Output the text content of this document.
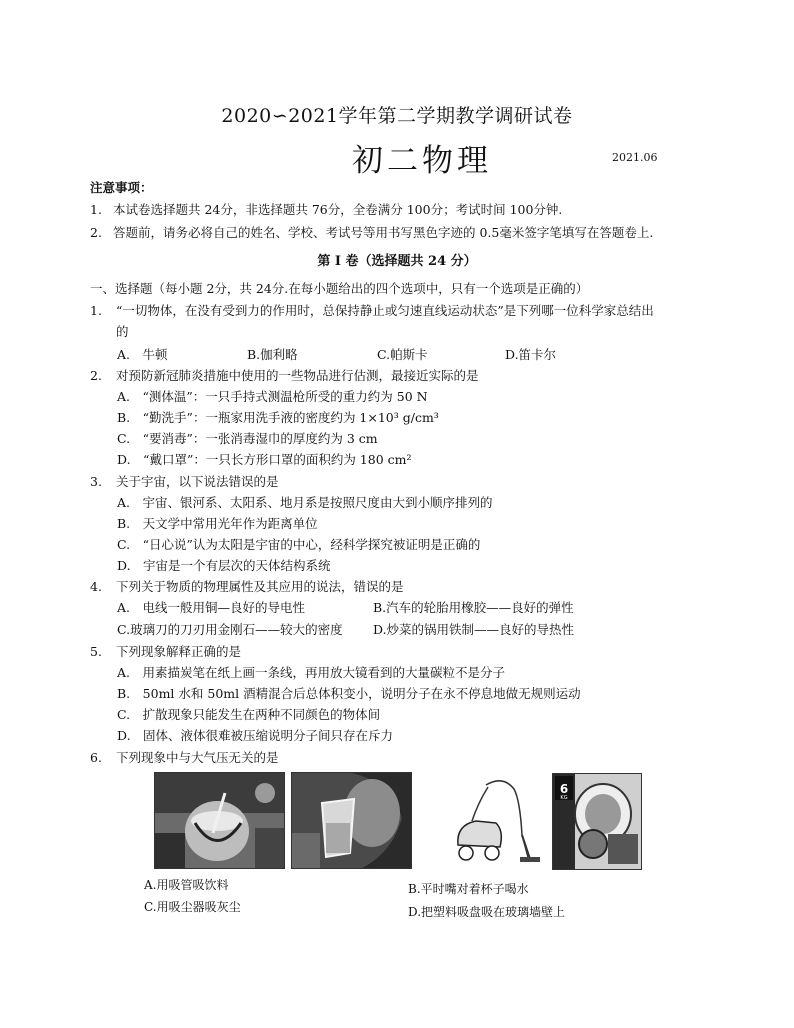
2020∽2021学年第二学期教学调研试卷
初二物理	2021.06
注意事项：
1. 本试卷选择题共 24分，非选择题共 76分，全卷满分 100分；考试时间 100分钟.
2. 答题前，请务必将自己的姓名、学校、考试号等用书写黑色字迹的 0.5毫米签字笔填写在答题卷上.
第 I 卷（选择题共 24 分）
一、选择题（每小题 2分，共 24分.在每小题给出的四个选项中，只有一个选项是正确的）
1. “一切物体，在没有受到力的作用时，总保持静止或匀速直线运动状态”是下列哪一位科学家总结出
的
A.　牛顿	B.伽利略	C.帕斯卡	D.笛卡尔
2. 对预防新冠肺炎措施中使用的一些物品进行估测，最接近实际的是
A.　“测体温”：一只手持式测温枪所受的重力约为 50 N
B.　“勤洗手”：一瓶家用洗手液的密度约为 1×10³ g/cm³
C.　“要消毒”：一张消毒湿巾的厚度约为 3 cm
D.　“戴口罩”：一只长方形口罩的面积约为 180 cm²
3. 关于宇宙，以下说法错误的是
A.　宇宙、银河系、太阳系、地月系是按照尺度由大到小顺序排列的
B.　天文学中常用光年作为距离单位
C.　“日心说”认为太阳是宇宙的中心，经科学探究被证明是正确的
D.　宇宙是一个有层次的天体结构系统
4. 下列关于物质的物理属性及其应用的说法，错误的是
A.　电线一般用铜—良好的导电性	B.汽车的轮胎用橡胶——良好的弹性
C.玻璃刀的刀刃用金刚石——较大的密度 D.炒菜的锅用铁制——良好的导热性
5. 下列现象解释正确的是
A.　用素描炭笔在纸上画一条线，再用放大镜看到的大量碳粒不是分子
B.　50ml 水和 50ml 酒精混合后总体积变小，说明分子在永不停息地做无规则运动
C.　扩散现象只能发生在两种不同颜色的物体间
D.　固体、液体很难被压缩说明分子间只存在斥力
6. 下列现象中与大气压无关的是
6
KG
A.用吸管吸饮料	B.平时嘴对着杯子喝水
C.用吸尘器吸灰尘	D.把塑料吸盘吸在玻璃墙壁上
